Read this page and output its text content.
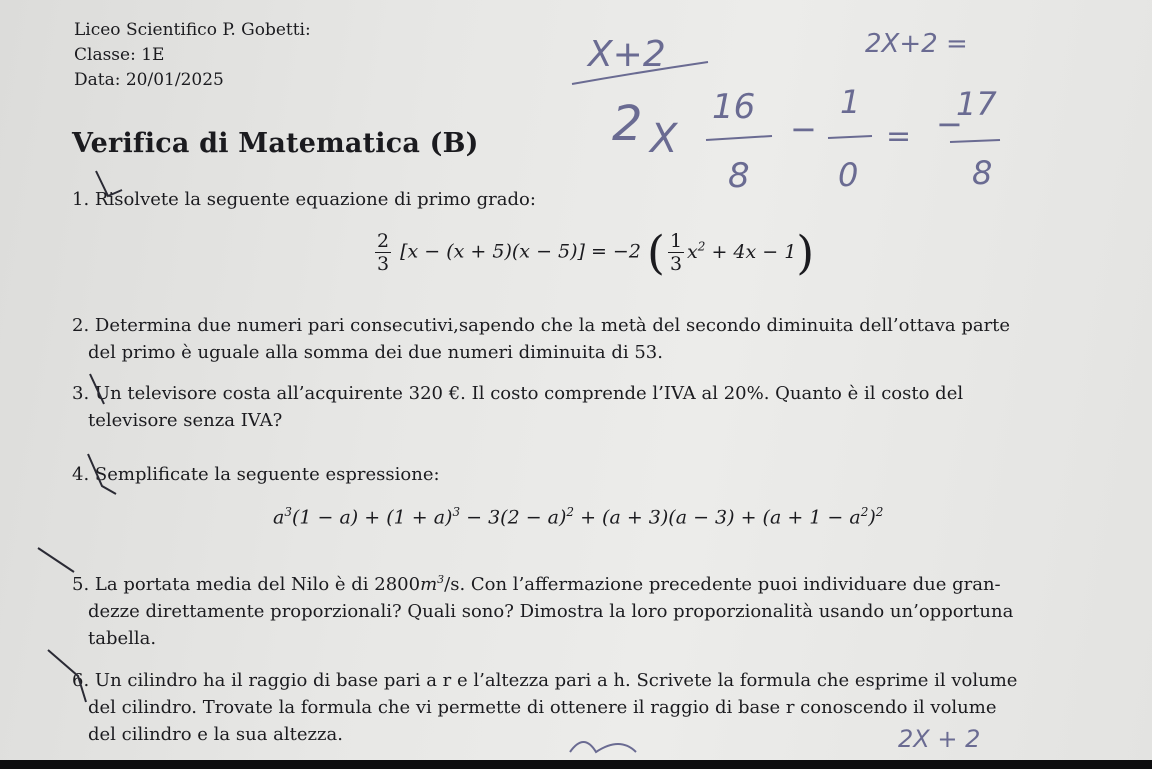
Liceo Scientifico P. Gobetti:
Classe: 1E
Data: 20/01/2025
Verifica di Matematica (B)
1. Risolvete la seguente equazione di primo grado:
$\frac{2}{3} [x - (x + 5)(x - 5)] = -2$ ( $\frac{1}{3} x^2 + 4x - 1$)
2. Determina due numeri pari consecutivi,sapendo che la metà del secondo diminuita dell’ottava parte
del primo è uguale alla somma dei due numeri diminuita di 53.
3. Un televisore costa all’acquirente 320 €. Il costo comprende l’IVA al 20%. Quanto è il costo del
televisore senza IVA?
4. Semplificate la seguente espressione:
$a^3(1 - a) + (1 + a)^3 - 3(2 - a)^2 + (a + 3)(a - 3) + (a + 1 - a^2)^2$
5. La portata media del Nilo è di $2800m^3/s$. Con l’affermazione precedente puoi individuare due gran-
dezze direttamente proporzionali? Quali sono? Dimostra la loro proporzionalità usando un’opportuna
tabella.
6. Un cilindro ha il raggio di base pari a r e l’altezza pari a h. Scrivete la formula che esprime il volume
del cilindro. Trovate la formula che vi permette di ottenere il raggio di base r conoscendo il volume
del cilindro e la sua altezza.
X+2	2X+2 =
2 X
16
8
−
1
0
= −
17
8
2X + 2
